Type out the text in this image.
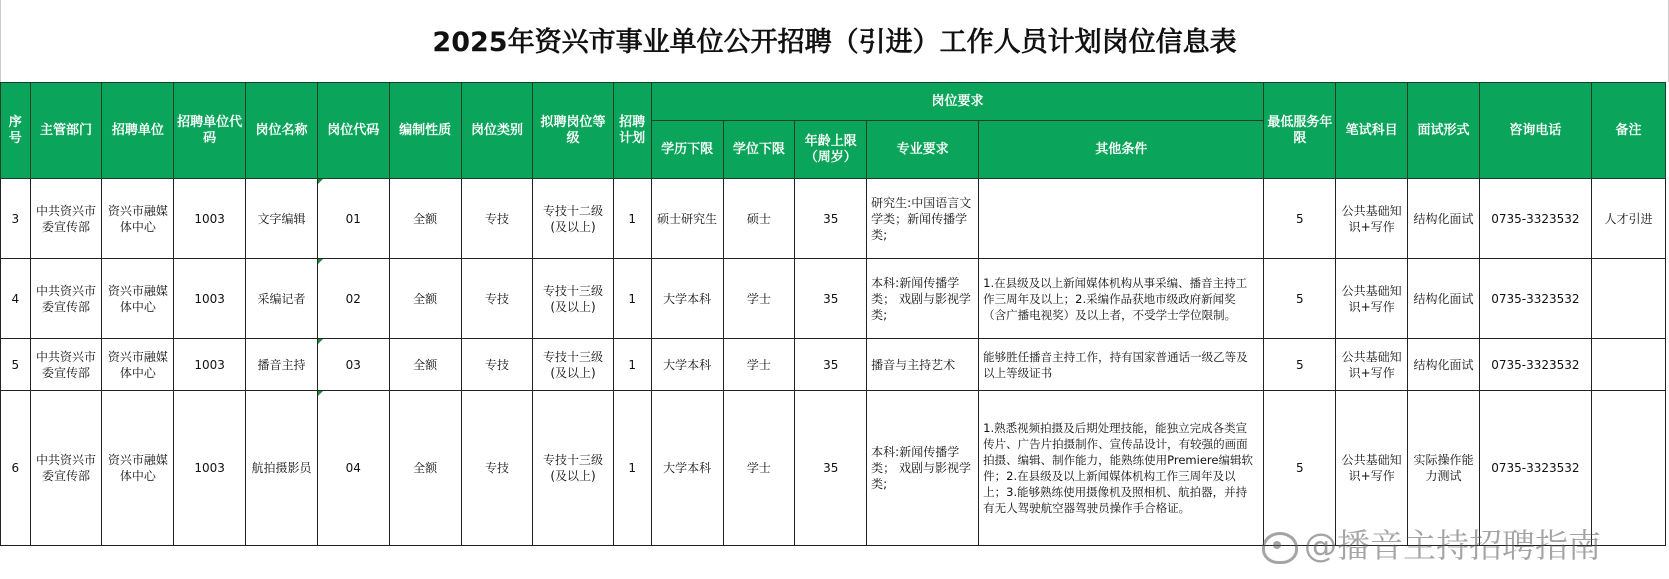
2025年资兴市事业单位公开招聘（引进）工作人员计划岗位信息表
序号	主管部门	招聘单位	招聘单位代码	岗位名称	岗位代码	编制性质	岗位类别	拟聘岗位等级	招聘计划	岗位要求					最低服务年限	笔试科目	面试形式	咨询电话	备注
										学历下限	学位下限	年龄上限（周岁）	专业要求	其他条件					
3	中共资兴市委宣传部	资兴市融媒体中心	1003	文字编辑	01	全额	专技	专技十二级(及以上)	1	硕士研究生	硕士	35	研究生:中国语言文学类；新闻传播学类;		5	公共基础知识+写作	结构化面试	0735-3323532	人才引进
4	中共资兴市委宣传部	资兴市融媒体中心	1003	采编记者	02	全额	专技	专技十三级(及以上)	1	大学本科	学士	35	本科:新闻传播学类； 戏剧与影视学类;	1.在县级及以上新闻媒体机构从事采编、播音主持工作三周年及以上；2.采编作品获地市级政府新闻奖（含广播电视奖）及以上者，不受学士学位限制。	5	公共基础知识+写作	结构化面试	0735-3323532	
5	中共资兴市委宣传部	资兴市融媒体中心	1003	播音主持	03	全额	专技	专技十三级(及以上)	1	大学本科	学士	35	播音与主持艺术	能够胜任播音主持工作，持有国家普通话一级乙等及以上等级证书	5	公共基础知识+写作	结构化面试	0735-3323532	
6	中共资兴市委宣传部	资兴市融媒体中心	1003	航拍摄影员	04	全额	专技	专技十三级(及以上)	1	大学本科	学士	35	本科:新闻传播学类； 戏剧与影视学类;	1.熟悉视频拍摄及后期处理技能，能独立完成各类宣传片、广告片拍摄制作、宣传品设计，有较强的画面拍摄、编辑、制作能力，能熟练使用Premiere编辑软件；2.在县级及以上新闻媒体机构工作三周年及以上；3.能够熟练使用摄像机及照相机、航拍器，并持有无人驾驶航空器驾驶员操作手合格证。	5	公共基础知识+写作	实际操作能力测试	0735-3323532	
@播音主持招聘指南
